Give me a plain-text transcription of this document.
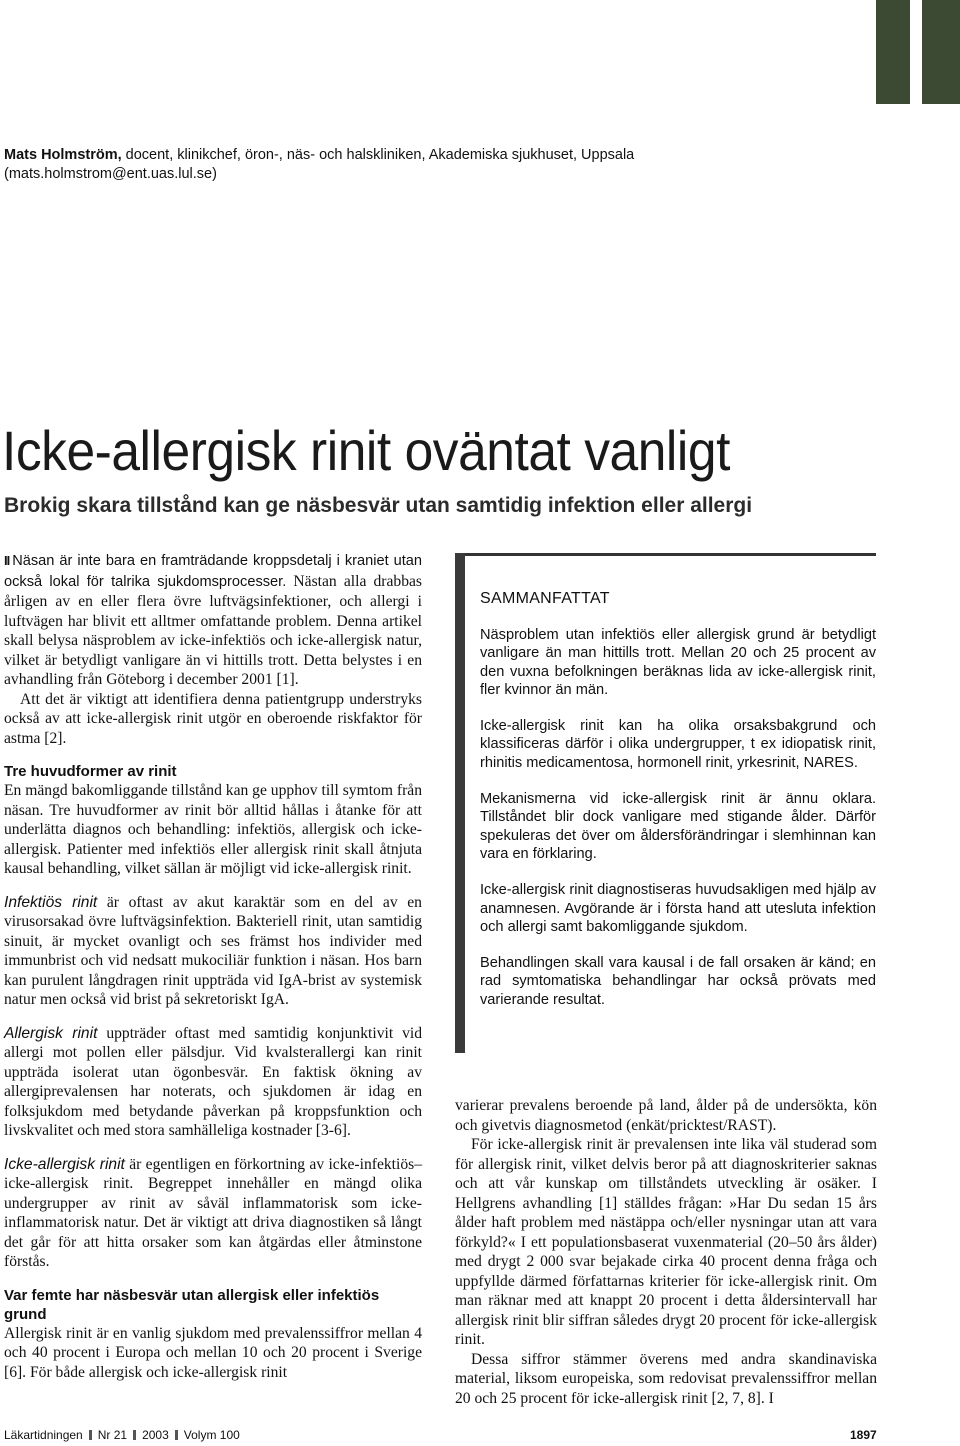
Mats Holmström, docent, klinikchef, öron-, näs- och halskliniken, Akademiska sjukhuset, Uppsala
(mats.holmstrom@ent.uas.lul.se)
Icke-allergisk rinit oväntat vanligt
Brokig skara tillstånd kan ge näsbesvär utan samtidig infektion eller allergi

II Näsan är inte bara en framträdande kroppsdetalj i kraniet utan också lokal för talrika sjukdomsprocesser. Nästan alla drabbas årligen av en eller flera övre luftvägsinfektioner, och allergi i luftvägen har blivit ett alltmer omfattande problem. Denna artikel skall belysa näsproblem av icke-infektiös och icke-allergisk natur, vilket är betydligt vanligare än vi hittills trott. Detta belystes i en avhandling från Göteborg i december 2001 [1].

Att det är viktigt att identifiera denna patientgrupp understryks också av att icke-allergisk rinit utgör en oberoende riskfaktor för astma [2].

Tre huvudformer av rinit

En mängd bakomliggande tillstånd kan ge upphov till symtom från näsan. Tre huvudformer av rinit bör alltid hållas i åtanke för att underlätta diagnos och behandling: infektiös, allergisk och icke-allergisk. Patienter med infektiös eller allergisk rinit skall åtnjuta kausal behandling, vilket sällan är möjligt vid icke-allergisk rinit.

Infektiös rinit är oftast av akut karaktär som en del av en virusorsakad övre luftvägsinfektion. Bakteriell rinit, utan samtidig sinuit, är mycket ovanligt och ses främst hos individer med immunbrist och vid nedsatt mukociliär funktion i näsan. Hos barn kan purulent långdragen rinit uppträda vid IgA-brist av systemisk natur men också vid brist på sekretoriskt IgA.

Allergisk rinit uppträder oftast med samtidig konjunktivit vid allergi mot pollen eller pälsdjur. Vid kvalsterallergi kan rinit uppträda isolerat utan ögonbesvär. En faktisk ökning av allergiprevalensen har noterats, och sjukdomen är idag en folksjukdom med betydande påverkan på kroppsfunktion och livskvalitet och med stora samhälleliga kostnader [3-6].

Icke-allergisk rinit är egentligen en förkortning av icke-infektiös–icke-allergisk rinit. Begreppet innehåller en mängd olika undergrupper av rinit av såväl inflammatorisk som icke-inflammatorisk natur. Det är viktigt att driva diagnostiken så långt det går för att hitta orsaker som kan åtgärdas eller åtminstone förstås.

Var femte har näsbesvär utan allergisk eller infektiös grund

Allergisk rinit är en vanlig sjukdom med prevalenssiffror mellan 4 och 40 procent i Europa och mellan 10 och 20 procent i Sverige [6]. För både allergisk och icke-allergisk rinit

SAMMANFATTAT

Näsproblem utan infektiös eller allergisk grund är betydligt vanligare än man hittills trott. Mellan 20 och 25 procent av den vuxna befolkningen beräknas lida av icke-allergisk rinit, fler kvinnor än män.

Icke-allergisk rinit kan ha olika orsaksbakgrund och klassificeras därför i olika undergrupper, t ex idiopatisk rinit, rhinitis medicamentosa, hormonell rinit, yrkesrinit, NARES.

Mekanismerna vid icke-allergisk rinit är ännu oklara. Tillståndet blir dock vanligare med stigande ålder. Därför spekuleras det över om åldersförändringar i slemhinnan kan vara en förklaring.

Icke-allergisk rinit diagnostiseras huvudsakligen med hjälp av anamnesen. Avgörande är i första hand att utesluta infektion och allergi samt bakomliggande sjukdom.

Behandlingen skall vara kausal i de fall orsaken är känd; en rad symtomatiska behandlingar har också prövats med varierande resultat.

varierar prevalens beroende på land, ålder på de undersökta, kön och givetvis diagnosmetod (enkät/pricktest/RAST).

För icke-allergisk rinit är prevalensen inte lika väl studerad som för allergisk rinit, vilket delvis beror på att diagnoskriterier saknas och att vår kunskap om tillståndets utveckling är osäker. I Hellgrens avhandling [1] ställdes frågan: »Har Du sedan 15 års ålder haft problem med nästäppa och/eller nysningar utan att vara förkyld?« I ett populationsbaserat vuxenmaterial (20–50 års ålder) med drygt 2 000 svar bejakade cirka 40 procent denna fråga och uppfyllde därmed författarnas kriterier för icke-allergisk rinit. Om man räknar med att knappt 20 procent i detta åldersintervall har allergisk rinit blir siffran således drygt 20 procent för icke-allergisk rinit.

Dessa siffror stämmer överens med andra skandinaviska material, liksom europeiska, som redovisat prevalenssiffror mellan 20 och 25 procent för icke-allergisk rinit [2, 7, 8]. I

Läkartidningen Nr 21 2003 Volym 100	1897
